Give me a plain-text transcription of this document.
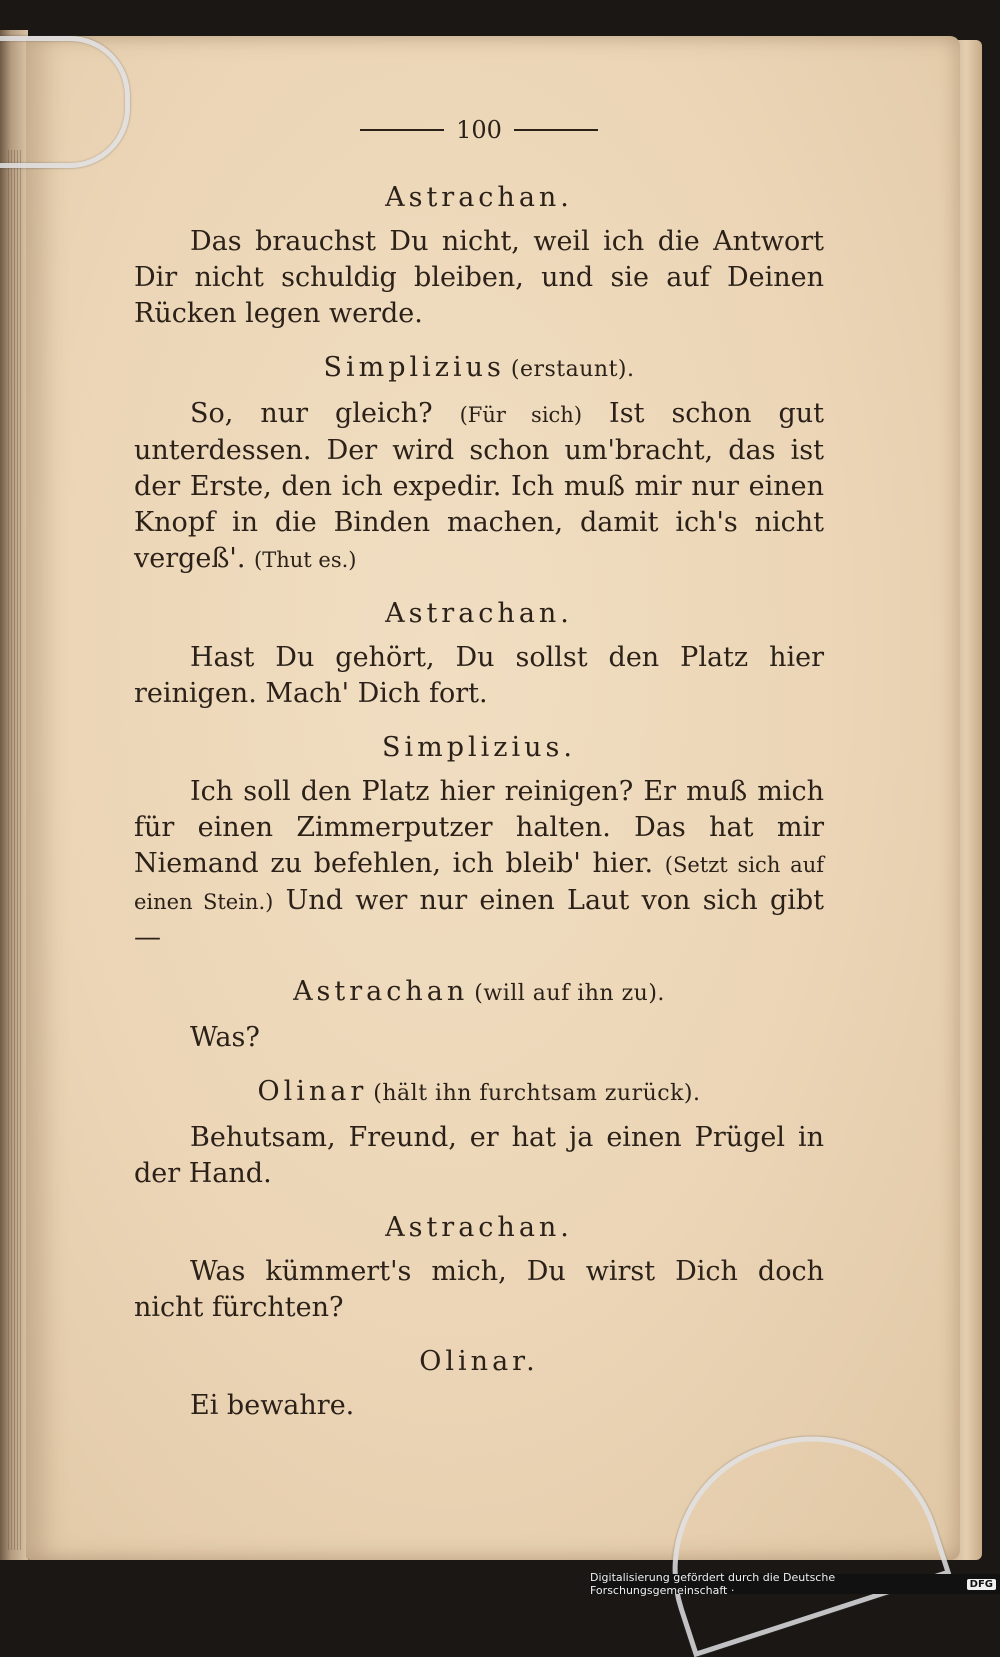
100
Astrachan.

Das brauchst Du nicht, weil ich die Antwort Dir nicht schuldig bleiben, und sie auf Deinen Rücken legen werde.

Simplizius (erstaunt).

So, nur gleich? (Für sich) Ist schon gut unterdessen. Der wird schon um'bracht, das ist der Erste, den ich expedir. Ich muß mir nur einen Knopf in die Binden machen, damit ich's nicht vergeß'. (Thut es.)

Astrachan.

Hast Du gehört, Du sollst den Platz hier reinigen. Mach' Dich fort.

Simplizius.

Ich soll den Platz hier reinigen? Er muß mich für einen Zimmerputzer halten. Das hat mir Niemand zu befehlen, ich bleib' hier. (Setzt sich auf einen Stein.) Und wer nur einen Laut von sich gibt —

Astrachan (will auf ihn zu).

Was?

Olinar (hält ihn furchtsam zurück).

Behutsam, Freund, er hat ja einen Prügel in der Hand.

Astrachan.

Was kümmert's mich, Du wirst Dich doch nicht fürchten?

Olinar.

Ei bewahre.

Digitalisierung gefördert durch die Deutsche Forschungsgemeinschaft ·	DFG
